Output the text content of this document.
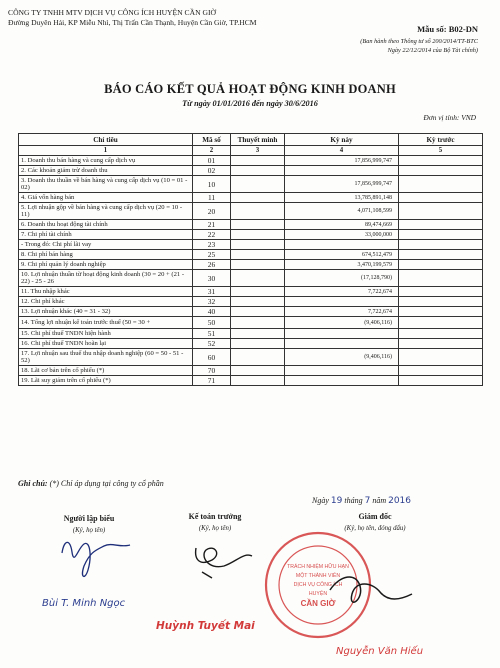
CÔNG TY TNHH MTV DỊCH VỤ CÔNG ÍCH HUYỆN CẦN GIỜ
Đường Duyên Hải, KP Miễu Nhì, Thị Trấn Cần Thạnh, Huyện Cần Giờ, TP.HCM
Mẫu số: B02-DN
(Ban hành theo Thông tư số 200/2014/TT-BTC
Ngày 22/12/2014 của Bộ Tài chính)
BÁO CÁO KẾT QUẢ HOẠT ĐỘNG KINH DOANH
Từ ngày 01/01/2016 đến ngày 30/6/2016
Đơn vị tính: VND
Chỉ tiêu	Mã số	Thuyết minh	Kỳ này	Kỳ trước
1	2	3	4	5
1. Doanh thu bán hàng và cung cấp dịch vụ	01		17,856,999,747	
2. Các khoản giảm trừ doanh thu	02			
3. Doanh thu thuần về bán hàng và cung cấp dịch vụ (10 = 01 - 02)	10		17,856,999,747	
4. Giá vốn hàng bán	11		13,785,891,148	
5. Lợi nhuận gộp về bán hàng và cung cấp dịch vụ (20 = 10 - 11)	20		4,071,108,599	
6. Doanh thu hoạt động tài chính	21		89,474,669	
7. Chi phí tài chính	22		33,000,000	
- Trong đó: Chi phí lãi vay	23			
8. Chi phí bán hàng	25		674,512,479	
9. Chi phí quản lý doanh nghiệp	26		3,470,199,579	
10. Lợi nhuận thuần từ hoạt động kinh doanh (30 = 20 + (21 - 22) - 25 - 26	30		(17,128,790)	
11. Thu nhập khác	31		7,722,674	
12. Chi phí khác	32			
13. Lợi nhuận khác (40 = 31 - 32)	40		7,722,674	
14. Tổng lợi nhuận kế toán trước thuế (50 = 30 +	50		(9,406,116)	
15. Chi phí thuế TNDN hiện hành	51			
16. Chi phí thuế TNDN hoãn lại	52			
17. Lợi nhuận sau thuế thu nhập doanh nghiệp (60 = 50 - 51 - 52)	60		(9,406,116)	
18. Lãi cơ bản trên cổ phiếu (*)	70			
19. Lãi suy giảm trên cổ phiếu (*)	71			
Ghi chú: (*) Chỉ áp dụng tại công ty cổ phần
Ngày 19 tháng 7 năm 2016
Người lập biểu
(Ký, họ tên)
Kế toán trưởng
(Ký, họ tên)
Giám đốc
(Ký, họ tên, đóng dấu)
TRÁCH NHIỆM HỮU HẠN
MỘT THÀNH VIÊN
DỊCH VỤ CÔNG ÍCH
HUYỆN
CẦN GIỜ
Bùi T. Minh Ngọc
Huỳnh Tuyết Mai
Nguyễn Văn Hiếu
